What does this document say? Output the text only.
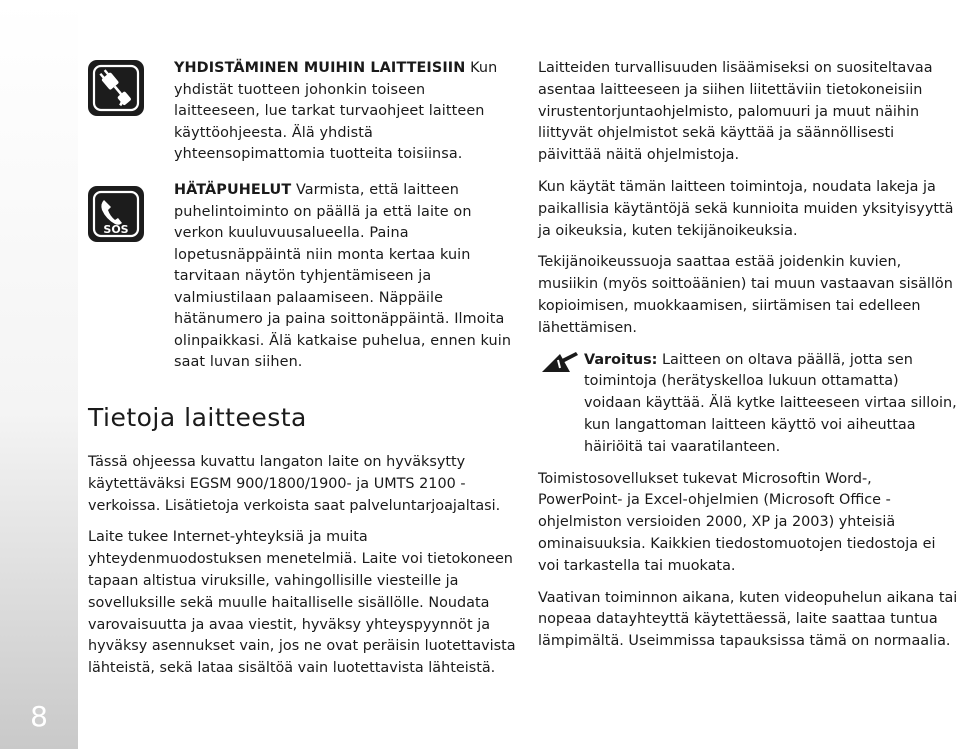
8
SOS
YHDISTÄMINEN MUIHIN LAITTEISIIN Kun yhdistät tuotteen johonkin toiseen laitteeseen, lue tarkat turvaohjeet laitteen käyttöohjeesta. Älä yhdistä yhteensopimattomia tuotteita toisiinsa.
HÄTÄPUHELUT Varmista, että laitteen puhelintoiminto on päällä ja että laite on verkon kuuluvuusalueella. Paina lopetusnäppäintä niin monta kertaa kuin tarvitaan näytön tyhjentämiseen ja valmiustilaan palaamiseen. Näppäile hätänumero ja paina soittonäppäintä. Ilmoita olinpaikkasi. Älä katkaise puhelua, ennen kuin saat luvan siihen.
Tietoja laitteesta

Tässä ohjeessa kuvattu langaton laite on hyväksytty käytettäväksi EGSM 900/1800/1900- ja UMTS 2100 -verkoissa. Lisätietoja verkoista saat palveluntarjoajaltasi.

Laite tukee Internet-yhteyksiä ja muita yhteydenmuodostuksen menetelmiä. Laite voi tietokoneen tapaan altistua viruksille, vahingollisille viesteille ja sovelluksille sekä muulle haitalliselle sisällölle. Noudata varovaisuutta ja avaa viestit, hyväksy yhteyspyynnöt ja hyväksy asennukset vain, jos ne ovat peräisin luotettavista lähteistä, sekä lataa sisältöä vain luotettavista lähteistä.

Laitteiden turvallisuuden lisäämiseksi on suositeltavaa asentaa laitteeseen ja siihen liitettäviin tietokoneisiin virustentorjuntaohjelmisto, palomuuri ja muut näihin liittyvät ohjelmistot sekä käyttää ja säännöllisesti päivittää näitä ohjelmistoja.

Kun käytät tämän laitteen toimintoja, noudata lakeja ja paikallisia käytäntöjä sekä kunnioita muiden yksityisyyttä ja oikeuksia, kuten tekijänoikeuksia.

Tekijänoikeussuoja saattaa estää joidenkin kuvien, musiikin (myös soittoäänien) tai muun vastaavan sisällön kopioimisen, muokkaamisen, siirtämisen tai edelleen lähettämisen.

Varoitus: Laitteen on oltava päällä, jotta sen toimintoja (herätyskelloa lukuun ottamatta) voidaan käyttää. Älä kytke laitteeseen virtaa silloin, kun langattoman laitteen käyttö voi aiheuttaa häiriöitä tai vaaratilanteen.

Toimistosovellukset tukevat Microsoftin Word-, PowerPoint- ja Excel-ohjelmien (Microsoft Office -ohjelmiston versioiden 2000, XP ja 2003) yhteisiä ominaisuuksia. Kaikkien tiedostomuotojen tiedostoja ei voi tarkastella tai muokata.

Vaativan toiminnon aikana, kuten videopuhelun aikana tai nopeaa datayhteyttä käytettäessä, laite saattaa tuntua lämpimältä. Useimmissa tapauksissa tämä on normaalia.
